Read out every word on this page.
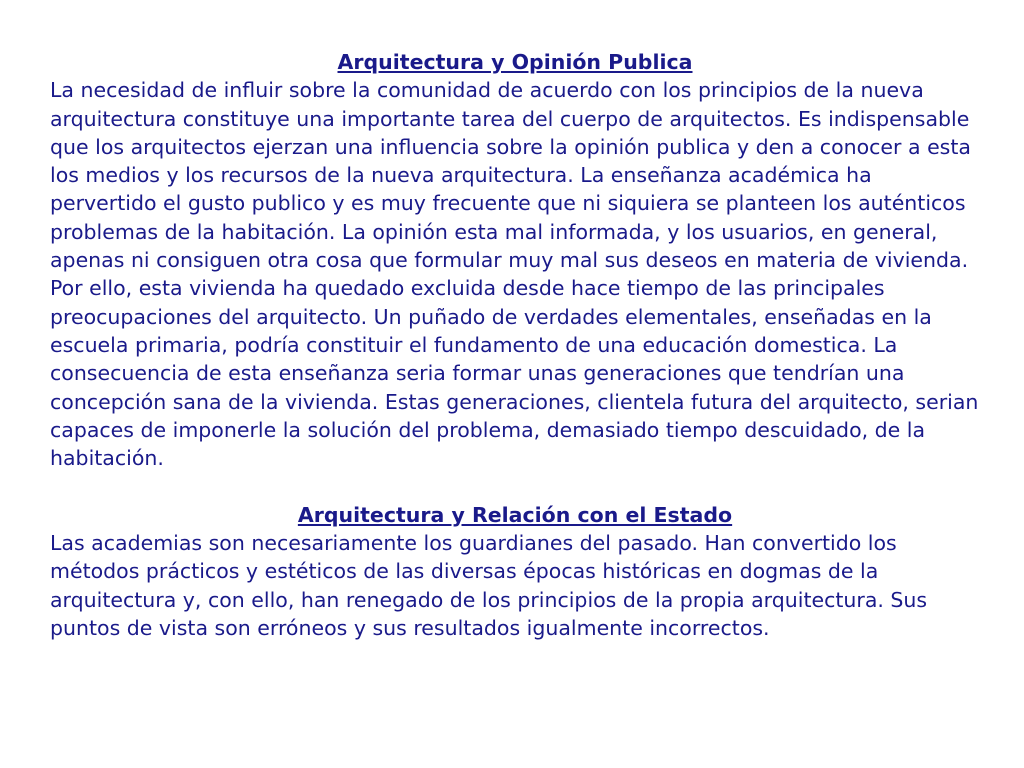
Arquitectura y Opinión Publica

La necesidad de influir sobre la comunidad de acuerdo con los principios de la nueva arquitectura constituye una importante tarea del cuerpo de arquitectos. Es indispensable que los arquitectos ejerzan una influencia sobre la opinión publica y den a conocer a esta los medios y los recursos de la nueva arquitectura. La enseñanza académica ha pervertido el gusto publico y es muy frecuente que ni siquiera se planteen los auténticos problemas de la habitación. La opinión esta mal informada, y los usuarios, en general, apenas ni consiguen otra cosa que formular muy mal sus deseos en materia de vivienda. Por ello, esta vivienda ha quedado excluida desde hace tiempo de las principales preocupaciones del arquitecto. Un puñado de verdades elementales, enseñadas en la escuela primaria, podría constituir el fundamento de una educación domestica. La consecuencia de esta enseñanza seria formar unas generaciones que tendrían una concepción sana de la vivienda. Estas generaciones, clientela futura del arquitecto, serian capaces de imponerle la solución del problema, demasiado tiempo descuidado, de la habitación.

Arquitectura y Relación con el Estado

Las academias son necesariamente los guardianes del pasado. Han convertido los métodos prácticos y estéticos de las diversas épocas históricas en dogmas de la arquitectura y, con ello, han renegado de los principios de la propia arquitectura. Sus puntos de vista son erróneos y sus resultados igualmente incorrectos.
